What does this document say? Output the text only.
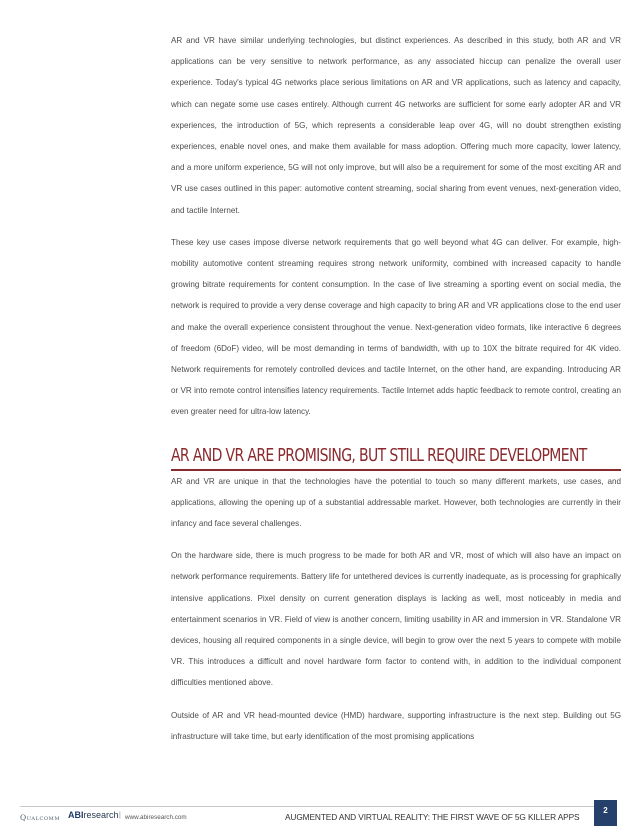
AR and VR have similar underlying technologies, but distinct experiences. As described in this study, both AR and VR applications can be very sensitive to network performance, as any associated hiccup can penalize the overall user experience. Today's typical 4G networks place serious limitations on AR and VR applications, such as latency and capacity, which can negate some use cases entirely. Although current 4G networks are sufficient for some early adopter AR and VR experiences, the introduction of 5G, which represents a considerable leap over 4G, will no doubt strengthen existing experiences, enable novel ones, and make them available for mass adoption. Offering much more capacity, lower latency, and a more uniform experience, 5G will not only improve, but will also be a requirement for some of the most exciting AR and VR use cases outlined in this paper: automotive content streaming, social sharing from event venues, next-generation video, and tactile Internet.

These key use cases impose diverse network requirements that go well beyond what 4G can deliver. For example, high-mobility automotive content streaming requires strong network uniformity, combined with increased capacity to handle growing bitrate requirements for content consumption. In the case of live streaming a sporting event on social media, the network is required to provide a very dense coverage and high capacity to bring AR and VR applications close to the end user and make the overall experience consistent throughout the venue. Next-generation video formats, like interactive 6 degrees of freedom (6DoF) video, will be most demanding in terms of bandwidth, with up to 10X the bitrate required for 4K video. Network requirements for remotely controlled devices and tactile Internet, on the other hand, are expanding. Introducing AR or VR into remote control intensifies latency requirements. Tactile Internet adds haptic feedback to remote control, creating an even greater need for ultra-low latency.

AR AND VR ARE PROMISING, BUT STILL REQUIRE DEVELOPMENT

AR and VR are unique in that the technologies have the potential to touch so many different markets, use cases, and applications, allowing the opening up of a substantial addressable market. However, both technologies are currently in their infancy and face several challenges.

On the hardware side, there is much progress to be made for both AR and VR, most of which will also have an impact on network performance requirements. Battery life for untethered devices is currently inadequate, as is processing for graphically intensive applications. Pixel density on current generation displays is lacking as well, most noticeably in media and entertainment scenarios in VR. Field of view is another concern, limiting usability in AR and immersion in VR. Standalone VR devices, housing all required components in a single device, will begin to grow over the next 5 years to compete with mobile VR. This introduces a difficult and novel hardware form factor to contend with, in addition to the individual component difficulties mentioned above.

Outside of AR and VR head-mounted device (HMD) hardware, supporting infrastructure is the next step. Building out 5G infrastructure will take time, but early identification of the most promising applications

Qualcomm ABIresearch | www.abiresearch.com	AUGMENTED AND VIRTUAL REALITY: THE FIRST WAVE OF 5G KILLER APPS
2
